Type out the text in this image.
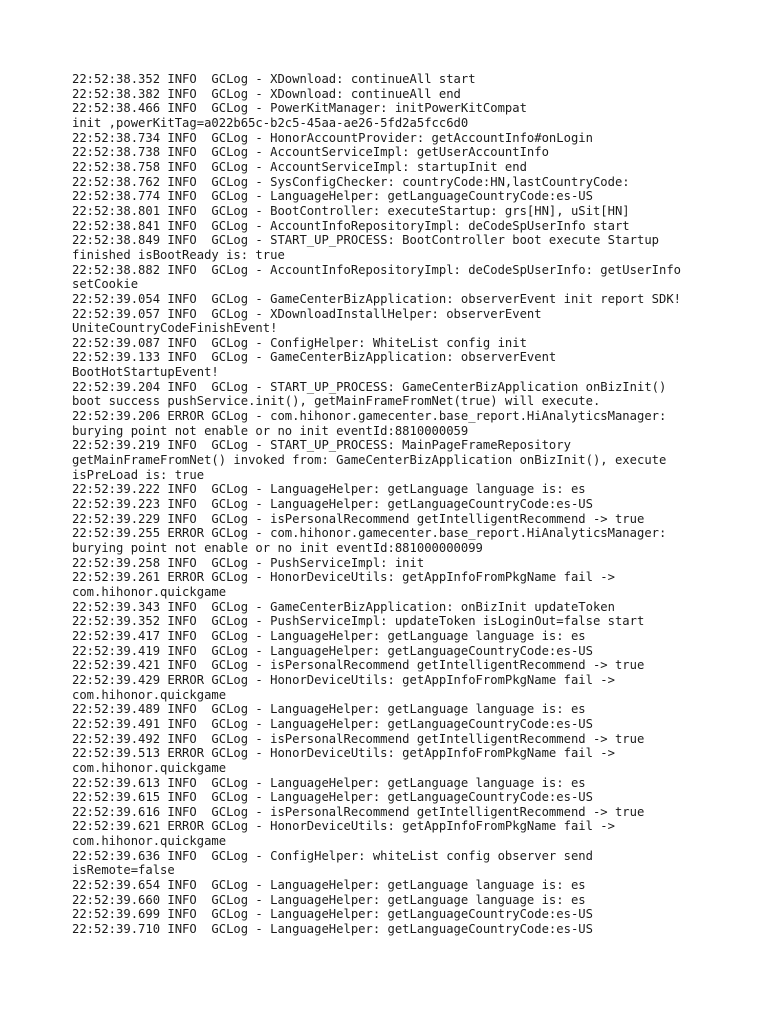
22:52:38.352 INFO  GCLog - XDownload: continueAll start
22:52:38.382 INFO  GCLog - XDownload: continueAll end
22:52:38.466 INFO  GCLog - PowerKitManager: initPowerKitCompat
init ,powerKitTag=a022b65c-b2c5-45aa-ae26-5fd2a5fcc6d0
22:52:38.734 INFO  GCLog - HonorAccountProvider: getAccountInfo#onLogin
22:52:38.738 INFO  GCLog - AccountServiceImpl: getUserAccountInfo
22:52:38.758 INFO  GCLog - AccountServiceImpl: startupInit end
22:52:38.762 INFO  GCLog - SysConfigChecker: countryCode:HN,lastCountryCode:
22:52:38.774 INFO  GCLog - LanguageHelper: getLanguageCountryCode:es-US
22:52:38.801 INFO  GCLog - BootController: executeStartup: grs[HN], uSit[HN]
22:52:38.841 INFO  GCLog - AccountInfoRepositoryImpl: deCodeSpUserInfo start
22:52:38.849 INFO  GCLog - START_UP_PROCESS: BootController boot execute Startup
finished isBootReady is: true
22:52:38.882 INFO  GCLog - AccountInfoRepositoryImpl: deCodeSpUserInfo: getUserInfo
setCookie
22:52:39.054 INFO  GCLog - GameCenterBizApplication: observerEvent init report SDK!
22:52:39.057 INFO  GCLog - XDownloadInstallHelper: observerEvent
UniteCountryCodeFinishEvent!
22:52:39.087 INFO  GCLog - ConfigHelper: WhiteList config init
22:52:39.133 INFO  GCLog - GameCenterBizApplication: observerEvent
BootHotStartupEvent!
22:52:39.204 INFO  GCLog - START_UP_PROCESS: GameCenterBizApplication onBizInit()
boot success pushService.init(), getMainFrameFromNet(true) will execute.
22:52:39.206 ERROR GCLog - com.hihonor.gamecenter.base_report.HiAnalyticsManager:
burying point not enable or no init eventId:8810000059
22:52:39.219 INFO  GCLog - START_UP_PROCESS: MainPageFrameRepository
getMainFrameFromNet() invoked from: GameCenterBizApplication onBizInit(), execute
isPreLoad is: true
22:52:39.222 INFO  GCLog - LanguageHelper: getLanguage language is: es
22:52:39.223 INFO  GCLog - LanguageHelper: getLanguageCountryCode:es-US
22:52:39.229 INFO  GCLog - isPersonalRecommend getIntelligentRecommend -> true
22:52:39.255 ERROR GCLog - com.hihonor.gamecenter.base_report.HiAnalyticsManager:
burying point not enable or no init eventId:881000000099
22:52:39.258 INFO  GCLog - PushServiceImpl: init
22:52:39.261 ERROR GCLog - HonorDeviceUtils: getAppInfoFromPkgName fail ->
com.hihonor.quickgame
22:52:39.343 INFO  GCLog - GameCenterBizApplication: onBizInit updateToken
22:52:39.352 INFO  GCLog - PushServiceImpl: updateToken isLoginOut=false start
22:52:39.417 INFO  GCLog - LanguageHelper: getLanguage language is: es
22:52:39.419 INFO  GCLog - LanguageHelper: getLanguageCountryCode:es-US
22:52:39.421 INFO  GCLog - isPersonalRecommend getIntelligentRecommend -> true
22:52:39.429 ERROR GCLog - HonorDeviceUtils: getAppInfoFromPkgName fail ->
com.hihonor.quickgame
22:52:39.489 INFO  GCLog - LanguageHelper: getLanguage language is: es
22:52:39.491 INFO  GCLog - LanguageHelper: getLanguageCountryCode:es-US
22:52:39.492 INFO  GCLog - isPersonalRecommend getIntelligentRecommend -> true
22:52:39.513 ERROR GCLog - HonorDeviceUtils: getAppInfoFromPkgName fail ->
com.hihonor.quickgame
22:52:39.613 INFO  GCLog - LanguageHelper: getLanguage language is: es
22:52:39.615 INFO  GCLog - LanguageHelper: getLanguageCountryCode:es-US
22:52:39.616 INFO  GCLog - isPersonalRecommend getIntelligentRecommend -> true
22:52:39.621 ERROR GCLog - HonorDeviceUtils: getAppInfoFromPkgName fail ->
com.hihonor.quickgame
22:52:39.636 INFO  GCLog - ConfigHelper: whiteList config observer send
isRemote=false
22:52:39.654 INFO  GCLog - LanguageHelper: getLanguage language is: es
22:52:39.660 INFO  GCLog - LanguageHelper: getLanguage language is: es
22:52:39.699 INFO  GCLog - LanguageHelper: getLanguageCountryCode:es-US
22:52:39.710 INFO  GCLog - LanguageHelper: getLanguageCountryCode:es-US
